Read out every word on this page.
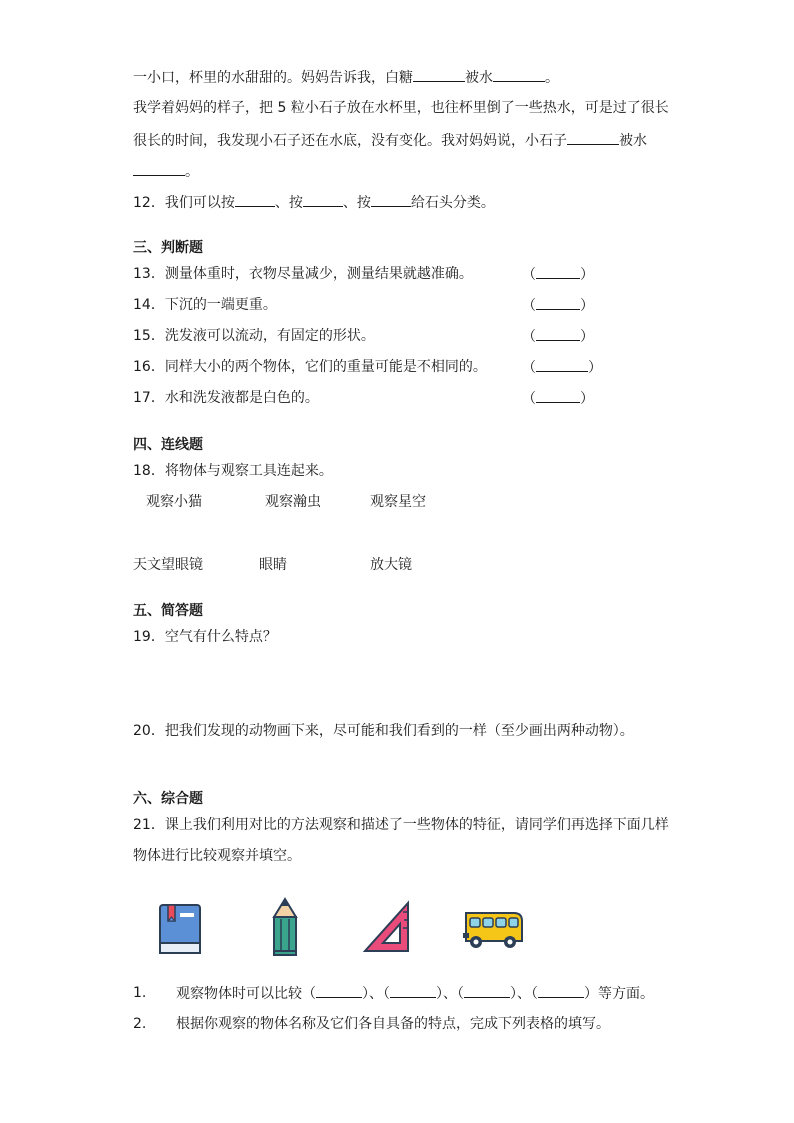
一小口，杯里的水甜甜的。妈妈告诉我，白糖	被水	。
我学着妈妈的样子，把 5 粒小石子放在水杯里，也往杯里倒了一些热水，可是过了很长
很长的时间，我发现小石子还在水底，没有变化。我对妈妈说，小石子	被水
。
12．我们可以按	、按	、按	给石头分类。
三、判断题
13．测量体重时，衣物尽量减少，测量结果就越准确。	（	）
14．下沉的一端更重。	（	）
15．洗发液可以流动，有固定的形状。	（	）
16．同样大小的两个物体，它们的重量可能是不相同的。	（	）
17．水和洗发液都是白色的。	（	）
四、连线题
18．将物体与观察工具连起来。
观察小猫	观察瀚虫	观察星空
天文望眼镜	眼睛	放大镜
五、简答题
19．空气有什么特点？
20．把我们发现的动物画下来，尽可能和我们看到的一样（至少画出两种动物）。
六、综合题
21．课上我们利用对比的方法观察和描述了一些物体的特征，请同学们再选择下面几样
物体进行比较观察并填空。
1. 观察物体时可以比较（	）、（	）、（	）、（	）等方面。
2. 根据你观察的物体名称及它们各自具备的特点，完成下列表格的填写。
